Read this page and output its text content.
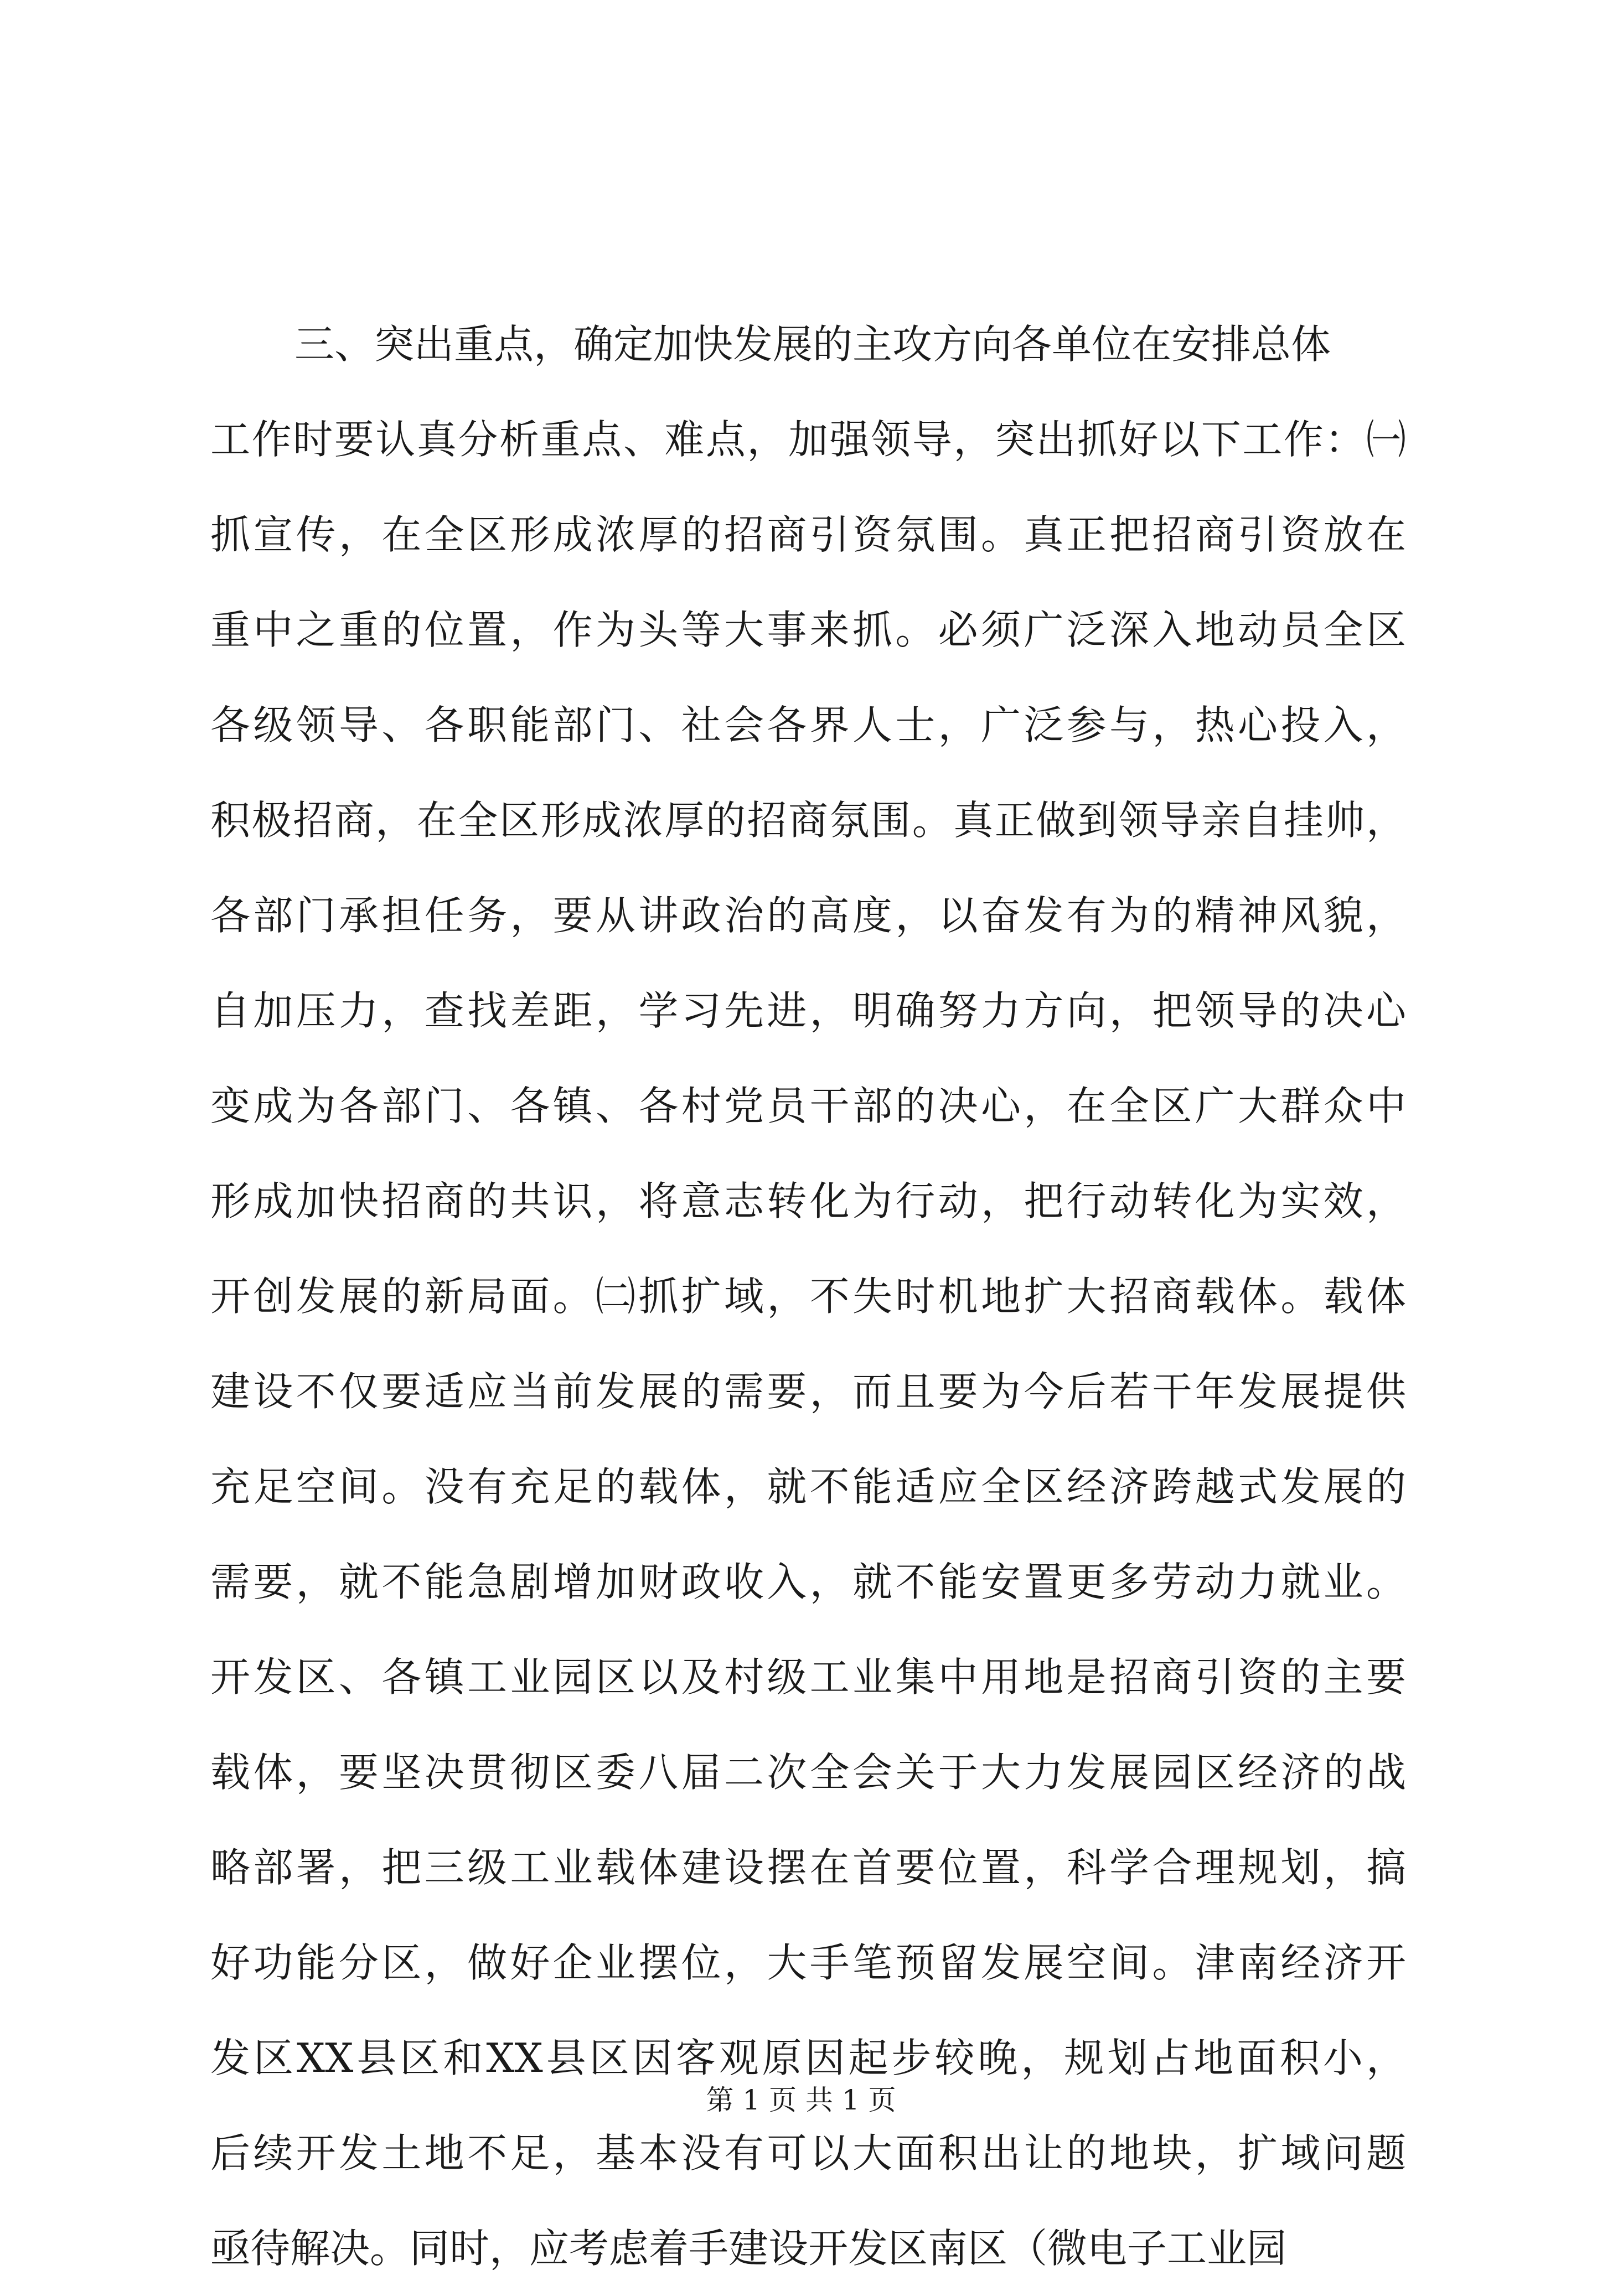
三、突出重点，确定加快发展的主攻方向各单位在安排总体
工作时要认真分析重点、难点，加强领导，突出抓好以下工作：㈠
抓宣传，在全区形成浓厚的招商引资氛围。真正把招商引资放在
重中之重的位置，作为头等大事来抓。必须广泛深入地动员全区
各级领导、各职能部门、社会各界人士，广泛参与，热心投入，
积极招商，在全区形成浓厚的招商氛围。真正做到领导亲自挂帅，
各部门承担任务，要从讲政治的高度，以奋发有为的精神风貌，
自加压力，查找差距，学习先进，明确努力方向，把领导的决心
变成为各部门、各镇、各村党员干部的决心，在全区广大群众中
形成加快招商的共识，将意志转化为行动，把行动转化为实效，
开创发展的新局面。㈡抓扩域，不失时机地扩大招商载体。载体
建设不仅要适应当前发展的需要，而且要为今后若干年发展提供
充足空间。没有充足的载体，就不能适应全区经济跨越式发展的
需要，就不能急剧增加财政收入，就不能安置更多劳动力就业。
开发区、各镇工业园区以及村级工业集中用地是招商引资的主要
载体，要坚决贯彻区委八届二次全会关于大力发展园区经济的战
略部署，把三级工业载体建设摆在首要位置，科学合理规划，搞
好功能分区，做好企业摆位，大手笔预留发展空间。津南经济开
发区XX县区和XX县区因客观原因起步较晚，规划占地面积小，
后续开发土地不足，基本没有可以大面积出让的地块，扩域问题
亟待解决。同时，应考虑着手建设开发区南区（微电子工业园
第 1 页 共 1 页
